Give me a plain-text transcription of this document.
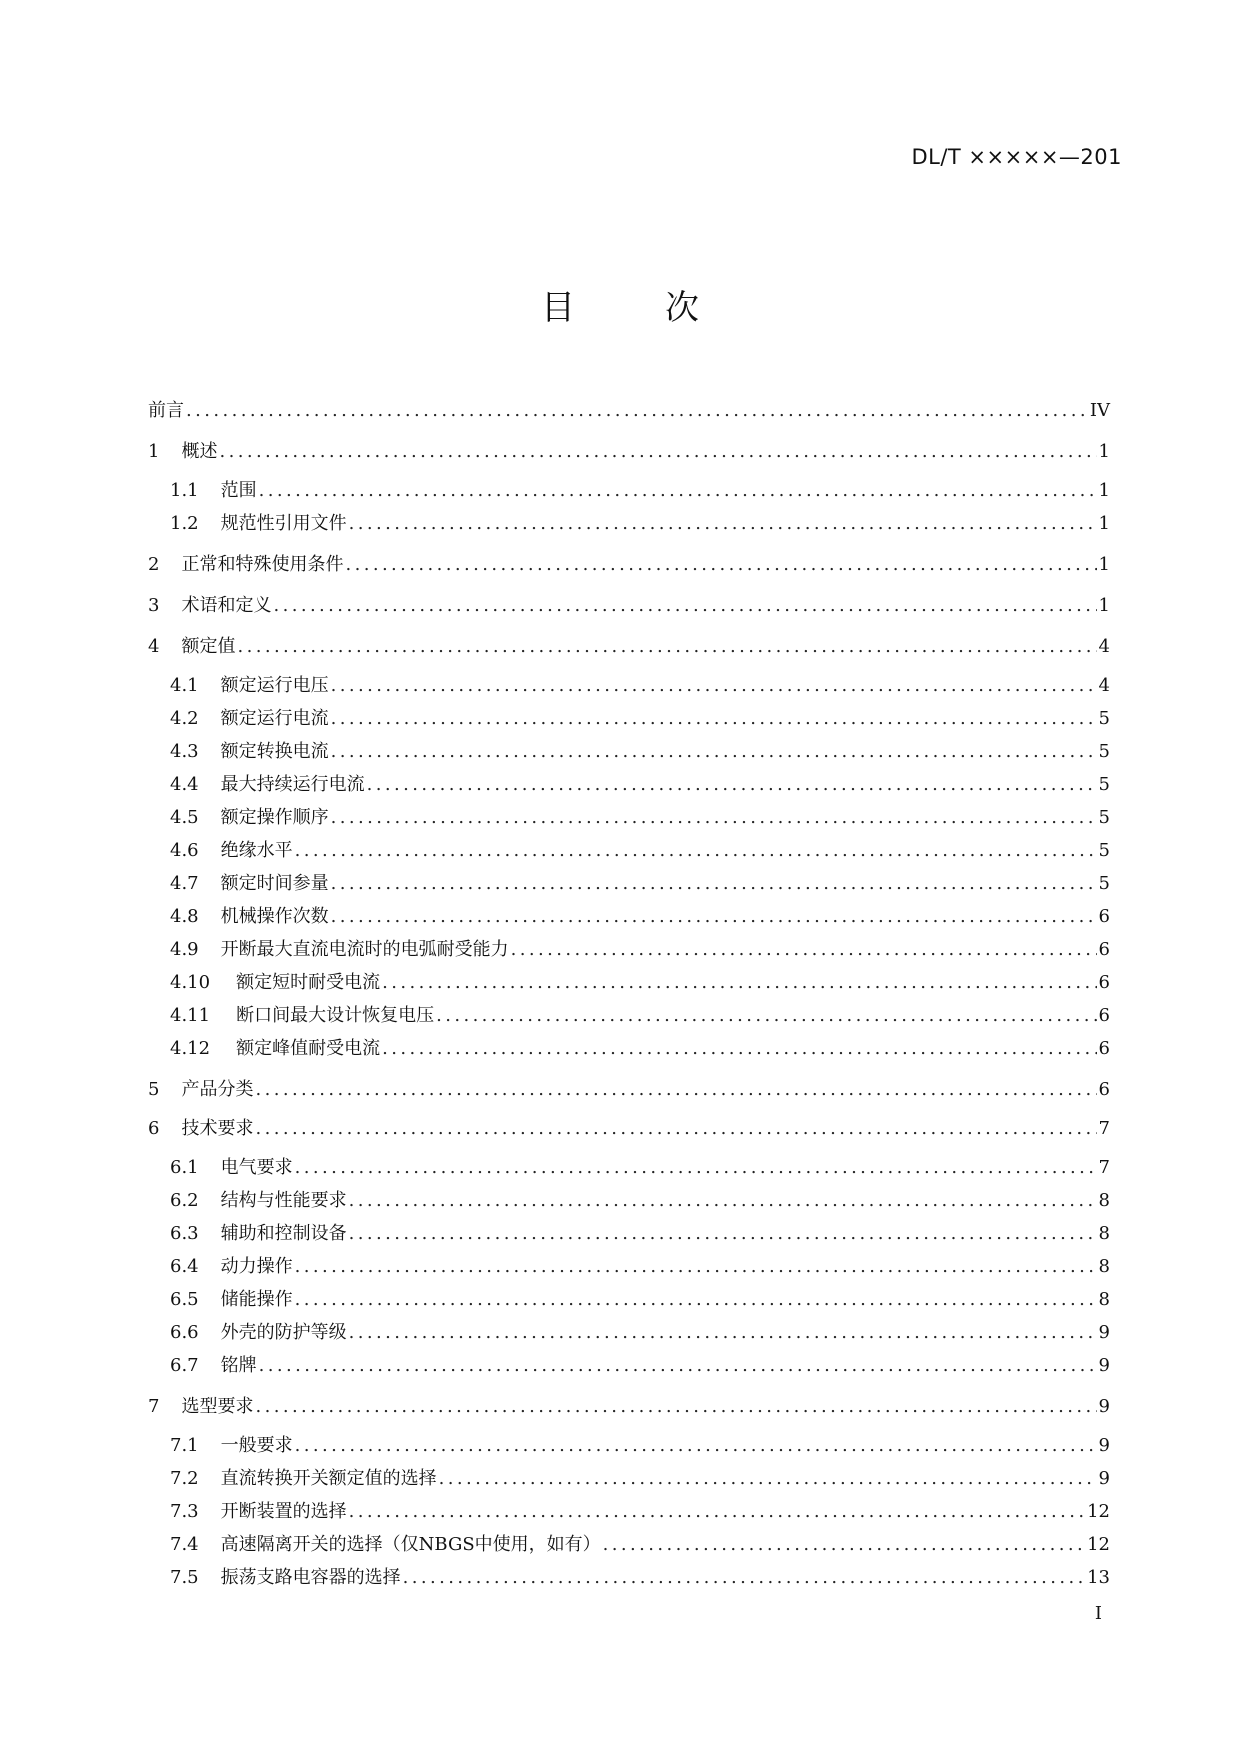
DL/T ×××××—201
目	次
前言 .....	IV
1 概述 .....	1
1.1 范围 .....	1
1.2 规范性引用文件 .....	1
2 正常和特殊使用条件 .....	1
3 术语和定义 .....	1
4 额定值 .....	4
4.1 额定运行电压 .....	4
4.2 额定运行电流 .....	5
4.3 额定转换电流 .....	5
4.4 最大持续运行电流 .....	5
4.5 额定操作顺序 .....	5
4.6 绝缘水平 .....	5
4.7 额定时间参量 .....	5
4.8 机械操作次数 .....	6
4.9 开断最大直流电流时的电弧耐受能力 .....	6
4.10 额定短时耐受电流 .....	6
4.11 断口间最大设计恢复电压 .....	6
4.12 额定峰值耐受电流 .....	6
5 产品分类 .....	6
6 技术要求 .....	7
6.1 电气要求 .....	7
6.2 结构与性能要求 .....	8
6.3 辅助和控制设备 .....	8
6.4 动力操作 .....	8
6.5 储能操作 .....	8
6.6 外壳的防护等级 .....	9
6.7 铭牌 .....	9
7 选型要求 .....	9
7.1 一般要求 .....	9
7.2 直流转换开关额定值的选择 .....	9
7.3 开断装置的选择 .....	12
7.4 高速隔离开关的选择（仅NBGS中使用，如有） .....	12
7.5 振荡支路电容器的选择 .....	13
I
